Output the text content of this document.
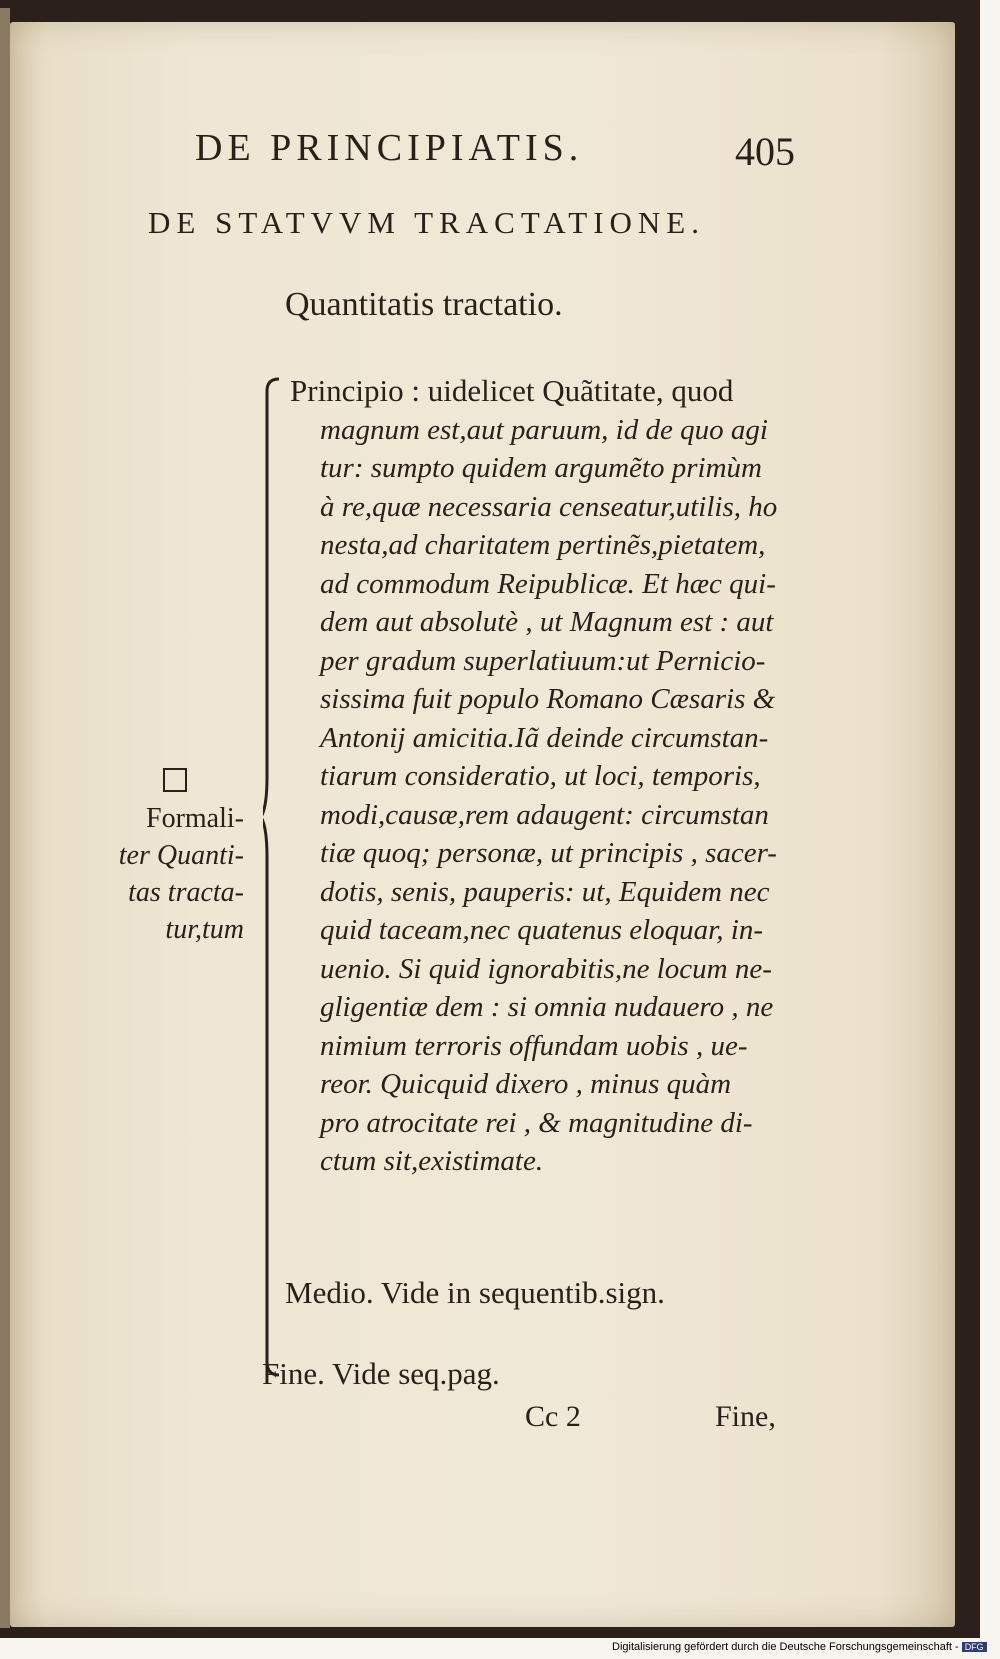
DE PRINCIPIATIS.	405
DE STATVVM TRACTATIONE.
Quantitatis tractatio.
Formali-
ter Quanti-
tas tracta-
tur,tum
Principio : uidelicet Quãtitate, quod
magnum est,aut paruum, id de quo agi
tur: sumpto quidem argumẽto primùm
à re,quæ necessaria censeatur,utilis, ho
nesta,ad charitatem pertinẽs,pietatem,
ad commodum Reipublicæ. Et hæc qui-
dem aut absolutè , ut Magnum est : aut
per gradum superlatiuum:ut Pernicio-
sissima fuit populo Romano Cæsaris &
Antonij amicitia.Iã deinde circumstan-
tiarum consideratio, ut loci, temporis,
modi,causæ,rem adaugent: circumstan
tiæ quoq; personæ, ut principis , sacer-
dotis, senis, pauperis: ut, Equidem nec
quid taceam,nec quatenus eloquar, in-
uenio. Si quid ignorabitis,ne locum ne-
gligentiæ dem : si omnia nudauero , ne
nimium terroris offundam uobis , ue-
reor. Quicquid dixero , minus quàm
pro atrocitate rei , & magnitudine di-
ctum sit,existimate.
Medio. Vide in sequentib.sign.
Fine. Vide seq.pag.
Cc 2	Fine,
Digitalisierung gefördert durch die Deutsche Forschungsgemeinschaft - DFG
